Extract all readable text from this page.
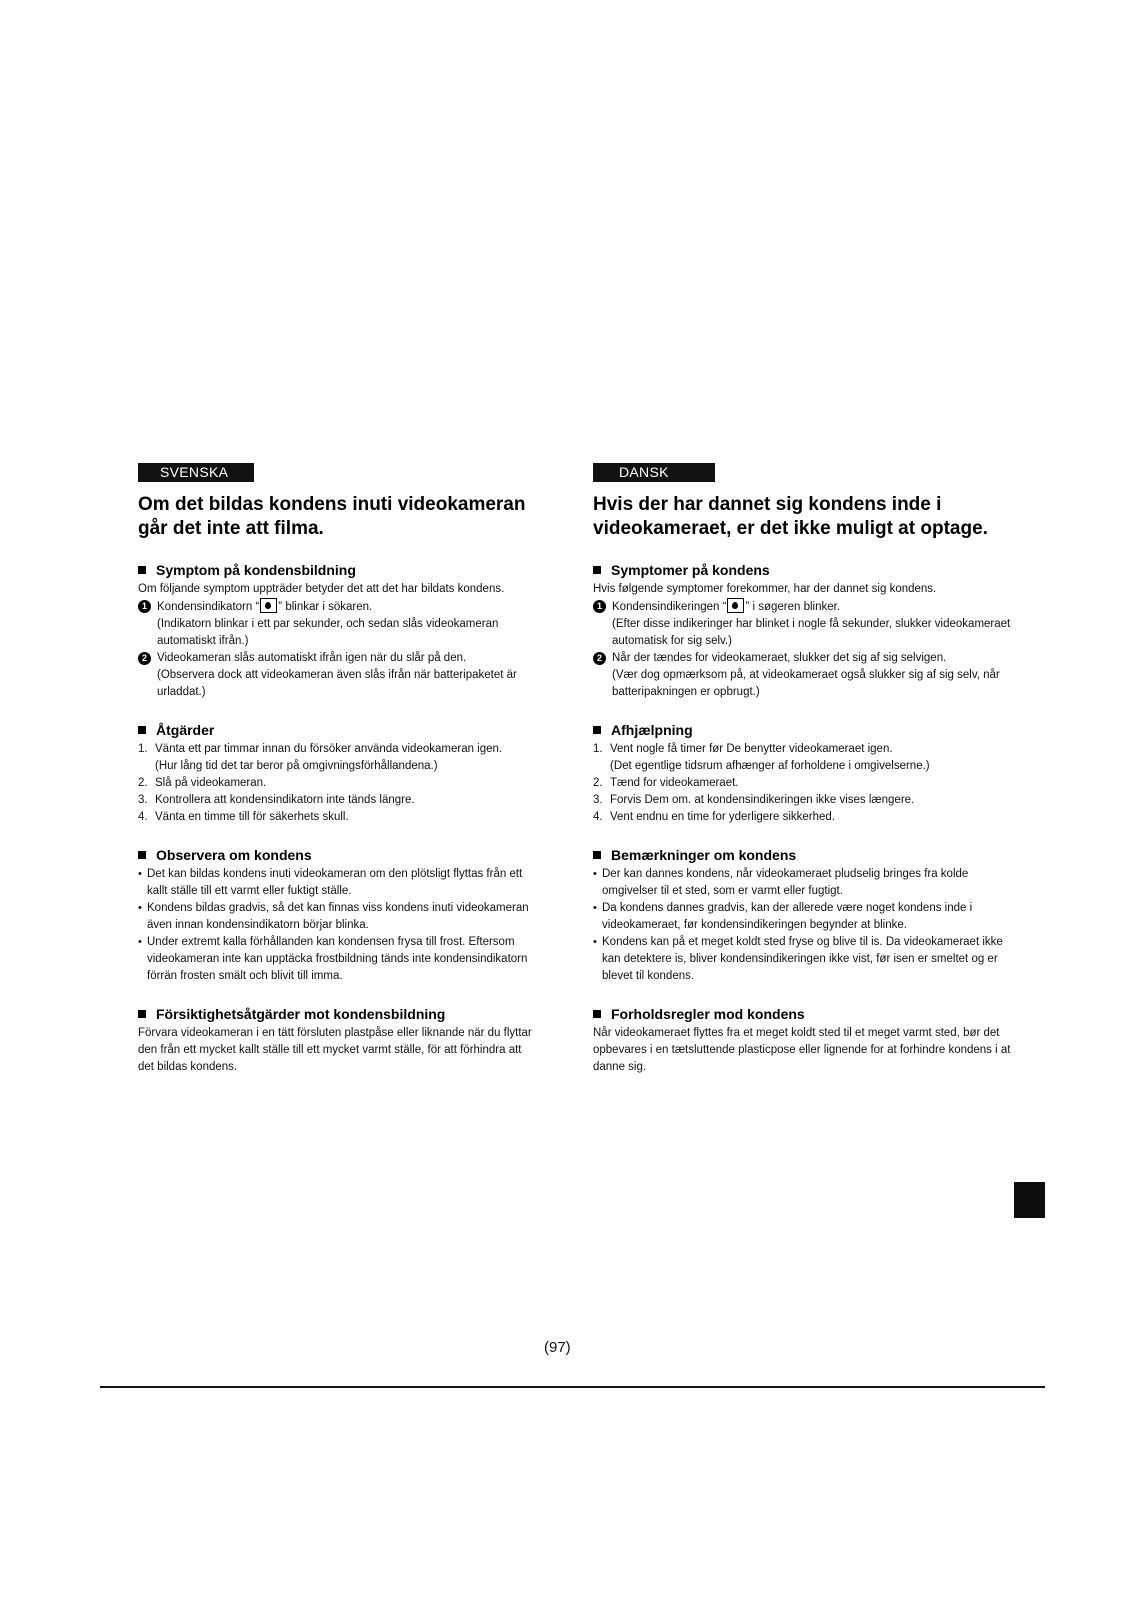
SVENSKA
Om det bildas kondens inuti videokameran går det inte att filma.
Symptom på kondensbildning

Om följande symptom uppträder betyder det att det har bildats kondens.

1 Kondensindikatorn “ ” blinkar i sökaren.
(Indikatorn blinkar i ett par sekunder, och sedan slås videokameran automatiskt ifrån.)
2 Videokameran slås automatiskt ifrån igen när du slår på den.
(Observera dock att videokameran även slås ifrån när batteripaketet är urladdat.)
Åtgärder
1. Vänta ett par timmar innan du försöker använda videokameran igen.
(Hur lång tid det tar beror på omgivningsförhållandena.)
2. Slå på videokameran.
3. Kontrollera att kondensindikatorn inte tänds längre.
4. Vänta en timme till för säkerhets skull.
Observera om kondens
• Det kan bildas kondens inuti videokameran om den plötsligt flyttas från ett kallt ställe till ett varmt eller fuktigt ställe.
• Kondens bildas gradvis, så det kan finnas viss kondens inuti videokameran även innan kondensindikatorn börjar blinka.
• Under extremt kalla förhållanden kan kondensen frysa till frost. Eftersom videokameran inte kan upptäcka frostbildning tänds inte kondensindikatorn förrän frosten smält och blivit till imma.
Försiktighetsåtgärder mot kondensbildning

Förvara videokameran i en tätt försluten plastpåse eller liknande när du flyttar den från ett mycket kallt ställe till ett mycket varmt ställe, för att förhindra att det bildas kondens.

DANSK
Hvis der har dannet sig kondens inde i videokameraet, er det ikke muligt at optage.
Symptomer på kondens

Hvis følgende symptomer forekommer, har der dannet sig kondens.

1 Kondensindikeringen “ ” i søgeren blinker.
(Efter disse indikeringer har blinket i nogle få sekunder, slukker videokameraet automatisk for sig selv.)
2 Når der tændes for videokameraet, slukker det sig af sig selvigen.
(Vær dog opmærksom på, at videokameraet også slukker sig af sig selv, når batteripakningen er opbrugt.)
Afhjælpning
1. Vent nogle få timer før De benytter videokameraet igen.
(Det egentlige tidsrum afhænger af forholdene i omgivelserne.)
2. Tænd for videokameraet.
3. Forvis Dem om. at kondensindikeringen ikke vises længere.
4. Vent endnu en time for yderligere sikkerhed.
Bemærkninger om kondens
• Der kan dannes kondens, når videokameraet pludselig bringes fra kolde omgivelser til et sted, som er varmt eller fugtigt.
• Da kondens dannes gradvis, kan der allerede være noget kondens inde i videokameraet, før kondensindikeringen begynder at blinke.
• Kondens kan på et meget koldt sted fryse og blive til is. Da videokameraet ikke kan detektere is, bliver kondensindikeringen ikke vist, før isen er smeltet og er blevet til kondens.
Forholdsregler mod kondens

Når videokameraet flyttes fra et meget koldt sted til et meget varmt sted, bør det opbevares i en tætsluttende plasticpose eller lignende for at forhindre kondens i at danne sig.

(97)
